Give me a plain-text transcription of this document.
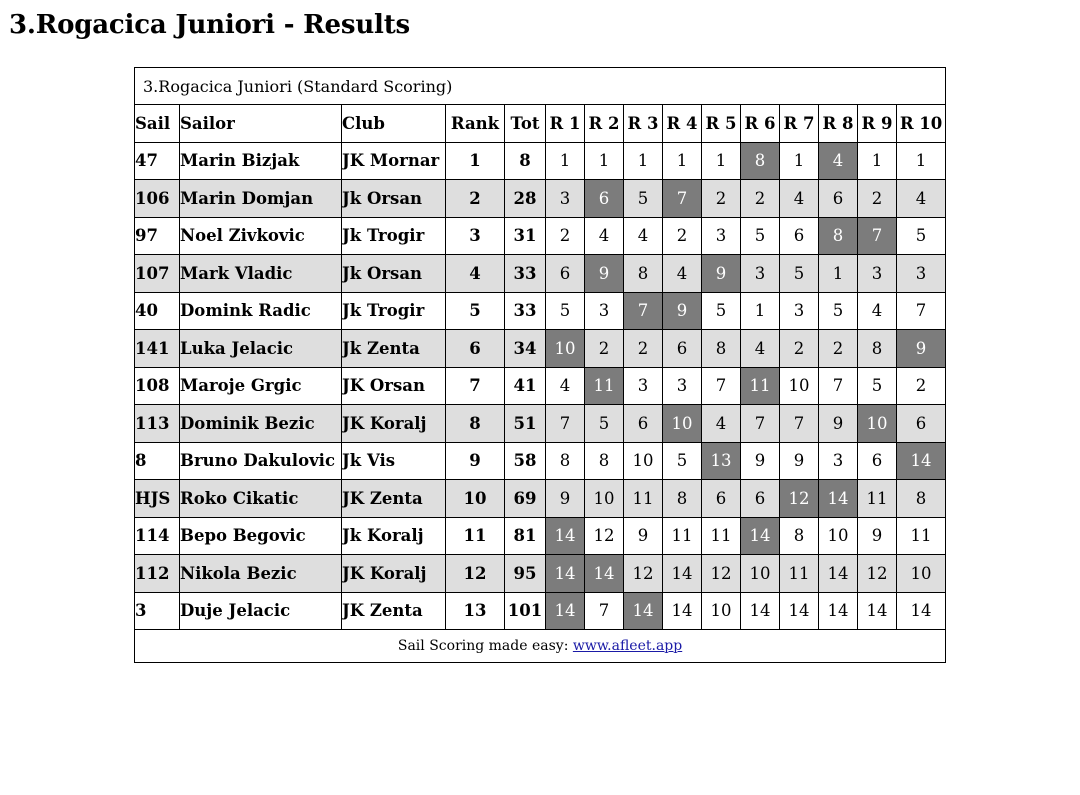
3.Rogacica Juniori - Results
3.Rogacica Juniori (Standard Scoring)														
Sail	Sailor	Club	Rank	Tot	R 1	R 2	R 3	R 4	R 5	R 6	R 7	R 8	R 9	R 10
47	Marin Bizjak	JK Mornar	1	8	1	1	1	1	1	8	1	4	1	1
106	Marin Domjan	Jk Orsan	2	28	3	6	5	7	2	2	4	6	2	4
97	Noel Zivkovic	Jk Trogir	3	31	2	4	4	2	3	5	6	8	7	5
107	Mark Vladic	Jk Orsan	4	33	6	9	8	4	9	3	5	1	3	3
40	Domink Radic	Jk Trogir	5	33	5	3	7	9	5	1	3	5	4	7
141	Luka Jelacic	Jk Zenta	6	34	10	2	2	6	8	4	2	2	8	9
108	Maroje Grgic	JK Orsan	7	41	4	11	3	3	7	11	10	7	5	2
113	Dominik Bezic	JK Koralj	8	51	7	5	6	10	4	7	7	9	10	6
8	Bruno Dakulovic	Jk Vis	9	58	8	8	10	5	13	9	9	3	6	14
HJS	Roko Cikatic	JK Zenta	10	69	9	10	11	8	6	6	12	14	11	8
114	Bepo Begovic	Jk Koralj	11	81	14	12	9	11	11	14	8	10	9	11
112	Nikola Bezic	JK Koralj	12	95	14	14	12	14	12	10	11	14	12	10
3	Duje Jelacic	JK Zenta	13	101	14	7	14	14	10	14	14	14	14	14
Sail Scoring made easy: www.afleet.app														
